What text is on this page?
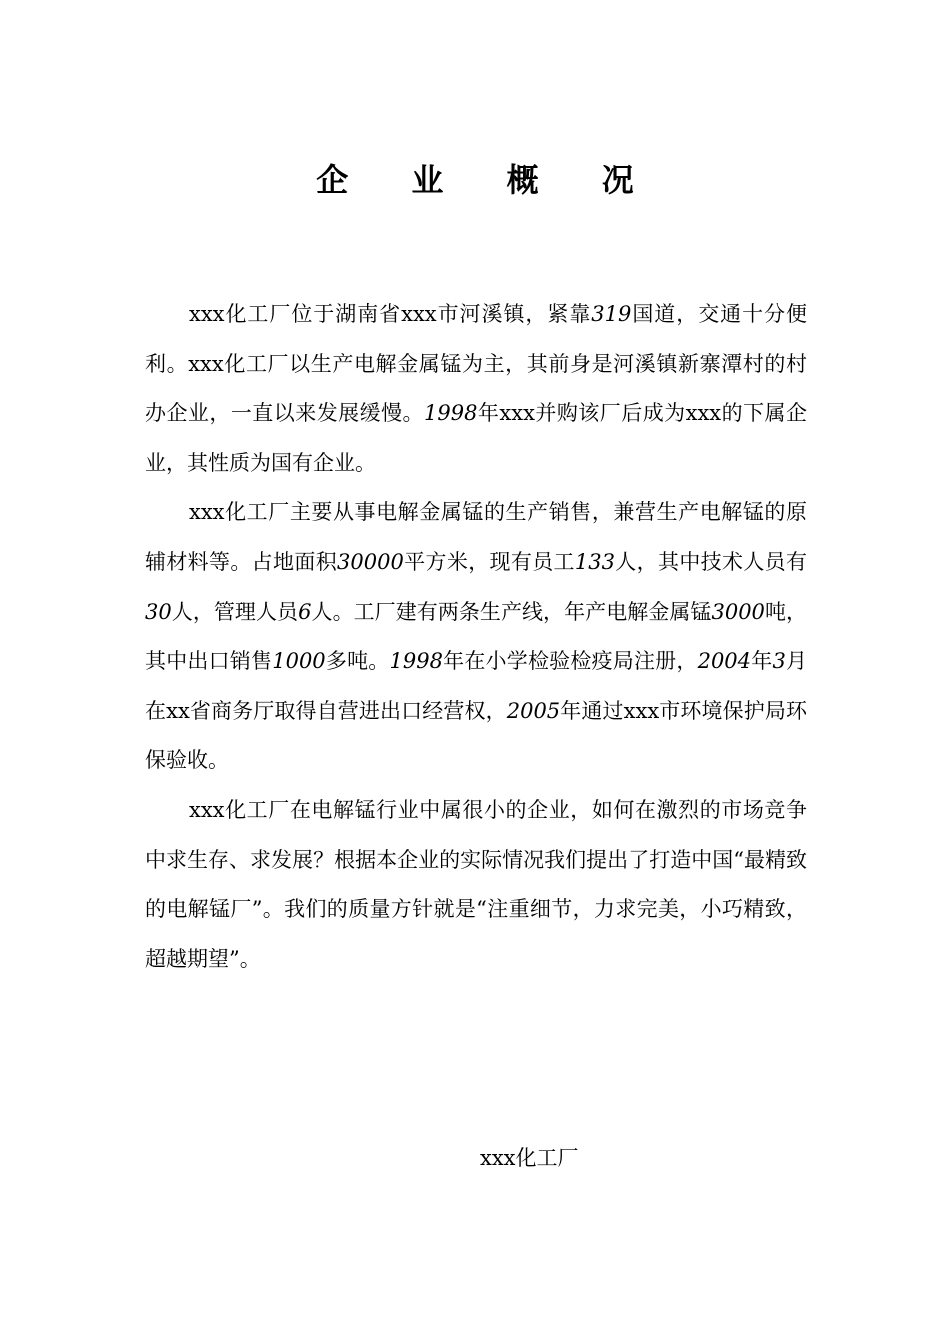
企 业 概 况

xxx化工厂位于湖南省xxx市河溪镇，紧靠319国道，交通十分便利。xxx化工厂以生产电解金属锰为主，其前身是河溪镇新寨潭村的村办企业，一直以来发展缓慢。1998年xxx并购该厂后成为xxx的下属企业，其性质为国有企业。

xxx化工厂主要从事电解金属锰的生产销售，兼营生产电解锰的原辅材料等。占地面积30000平方米，现有员工133人，其中技术人员有30人，管理人员6人。工厂建有两条生产线，年产电解金属锰3000吨，其中出口销售1000多吨。1998年在小学检验检疫局注册，2004年3月在xx省商务厅取得自营进出口经营权，2005年通过xxx市环境保护局环保验收。

xxx化工厂在电解锰行业中属很小的企业，如何在激烈的市场竞争中求生存、求发展？根据本企业的实际情况我们提出了打造中国“最精致的电解锰厂”。我们的质量方针就是“注重细节，力求完美，小巧精致，超越期望”。

xxx化工厂
